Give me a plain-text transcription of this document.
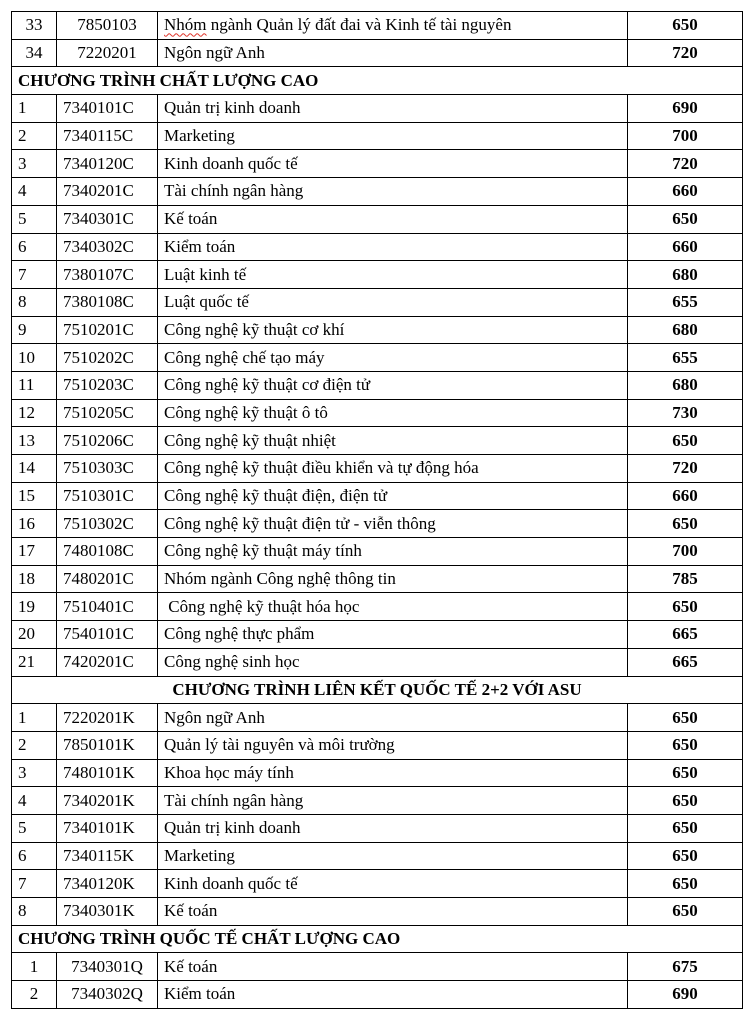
33	7850103	Nhóm ngành Quản lý đất đai và Kinh tế tài nguyên	650
34	7220201	Ngôn ngữ Anh	720
CHƯƠNG TRÌNH CHẤT LƯỢNG CAO			
1	7340101C	Quản trị kinh doanh	690
2	7340115C	Marketing	700
3	7340120C	Kinh doanh quốc tế	720
4	7340201C	Tài chính ngân hàng	660
5	7340301C	Kế toán	650
6	7340302C	Kiểm toán	660
7	7380107C	Luật kinh tế	680
8	7380108C	Luật quốc tế	655
9	7510201C	Công nghệ kỹ thuật cơ khí	680
10	7510202C	Công nghệ chế tạo máy	655
11	7510203C	Công nghệ kỹ thuật cơ điện tử	680
12	7510205C	Công nghệ kỹ thuật ô tô	730
13	7510206C	Công nghệ kỹ thuật nhiệt	650
14	7510303C	Công nghệ kỹ thuật điều khiển và tự động hóa	720
15	7510301C	Công nghệ kỹ thuật điện, điện tử	660
16	7510302C	Công nghệ kỹ thuật điện tử - viễn thông	650
17	7480108C	Công nghệ kỹ thuật máy tính	700
18	7480201C	Nhóm ngành Công nghệ thông tin	785
19	7510401C	Công nghệ kỹ thuật hóa học	650
20	7540101C	Công nghệ thực phẩm	665
21	7420201C	Công nghệ sinh học	665
CHƯƠNG TRÌNH LIÊN KẾT QUỐC TẾ 2+2 VỚI ASU			
1	7220201K	Ngôn ngữ Anh	650
2	7850101K	Quản lý tài nguyên và môi trường	650
3	7480101K	Khoa học máy tính	650
4	7340201K	Tài chính ngân hàng	650
5	7340101K	Quản trị kinh doanh	650
6	7340115K	Marketing	650
7	7340120K	Kinh doanh quốc tế	650
8	7340301K	Kế toán	650
CHƯƠNG TRÌNH QUỐC TẾ CHẤT LƯỢNG CAO			
1	7340301Q	Kế toán	675
2	7340302Q	Kiểm toán	690
